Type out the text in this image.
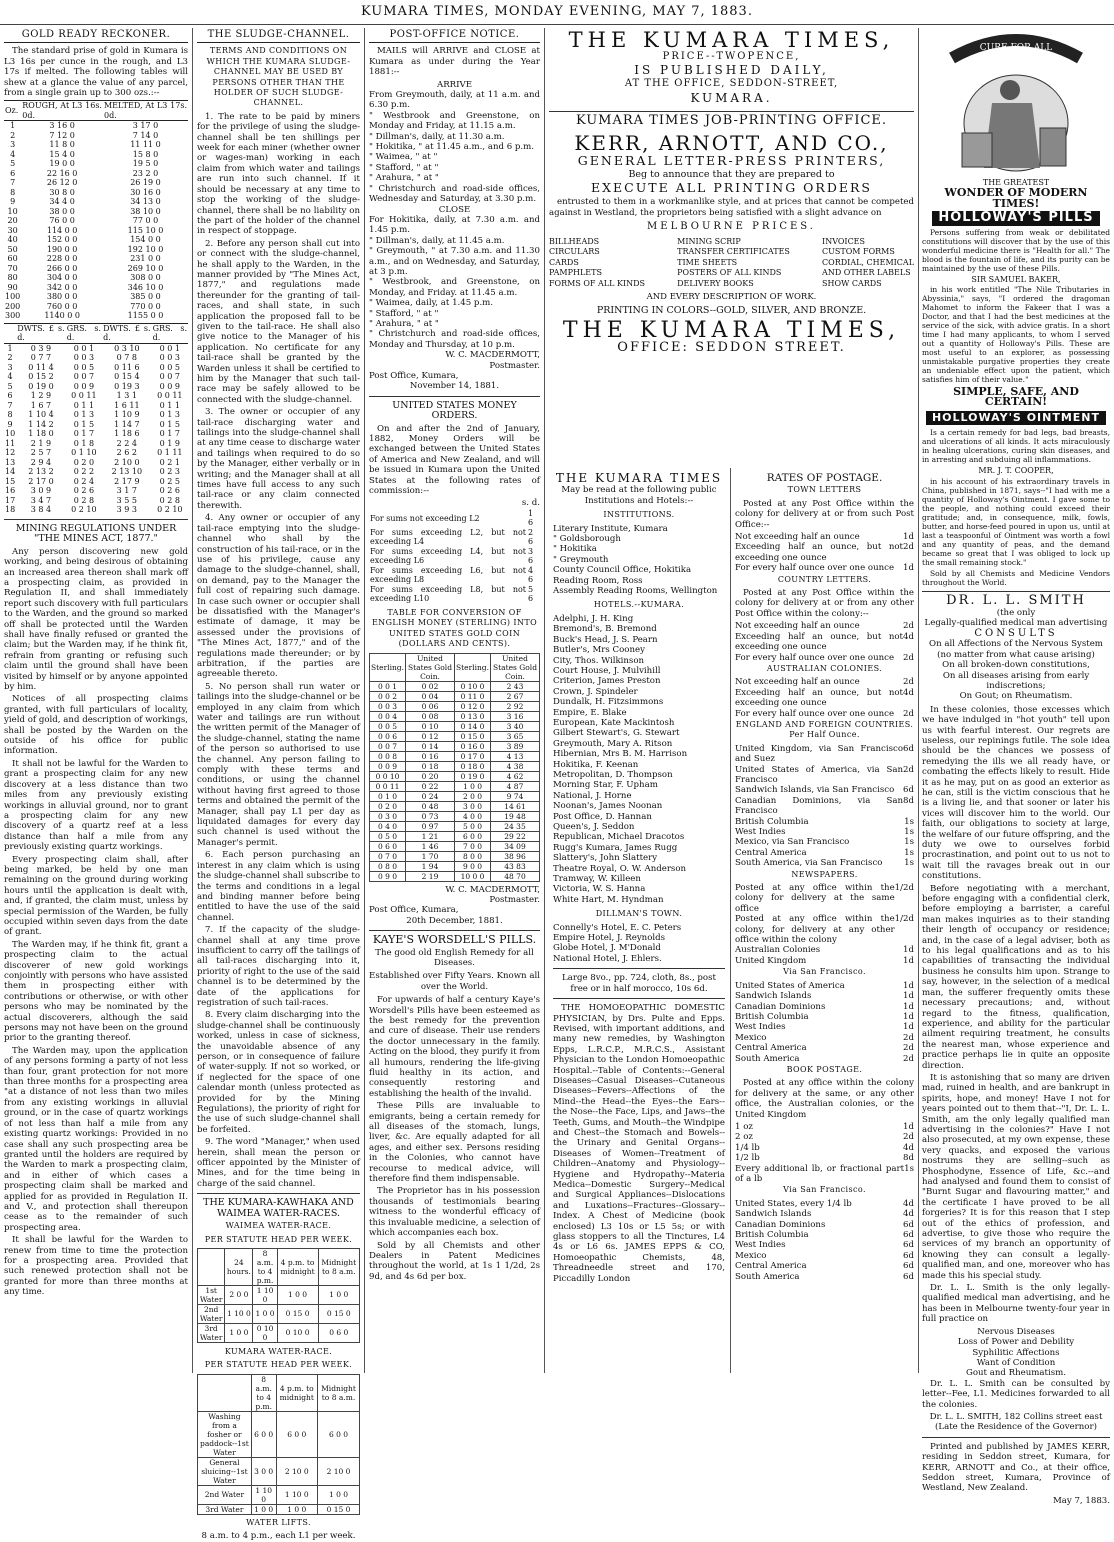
KUMARA TIMES, MONDAY EVENING, MAY 7, 1883.
GOLD READY RECKONER.

The standard prise of gold in Kumara is L3 16s per cunce in the rough, and L3 17s if melted. The following tables will shew at a glance the value of any parcel, from a single grain up to 300 ozs.:--

Oz.	ROUGH, At L3 16s. 0d.	MELTED, At L3 17s. 0d.
1	3 16 0	3 17 0
2	7 12 0	7 14 0
3	11 8 0	11 11 0
4	15 4 0	15 8 0
5	19 0 0	19 5 0
6	22 16 0	23 2 0
7	26 12 0	26 19 0
8	30 8 0	30 16 0
9	34 4 0	34 13 0
10	38 0 0	38 10 0
20	76 0 0	77 0 0
30	114 0 0	115 10 0
40	152 0 0	154 0 0
50	190 0 0	192 10 0
60	228 0 0	231 0 0
70	266 0 0	269 10 0
80	304 0 0	308 0 0
90	342 0 0	346 10 0
100	380 0 0	385 0 0
200	760 0 0	770 0 0
300	1140 0 0	1155 0 0
	DWTS. £ s. d.	GRS. s. d.	DWTS. £ s. d.	GRS. s. d.
1	0 3 9	0 0 1	0 3 10	0 0 1
2	0 7 7	0 0 3	0 7 8	0 0 3
3	0 11 4	0 0 5	0 11 6	0 0 5
4	0 15 2	0 0 7	0 15 4	0 0 7
5	0 19 0	0 0 9	0 19 3	0 0 9
6	1 2 9	0 0 11	1 3 1	0 0 11
7	1 6 7	0 1 1	1 6 11	0 1 1
8	1 10 4	0 1 3	1 10 9	0 1 3
9	1 14 2	0 1 5	1 14 7	0 1 5
10	1 18 0	0 1 7	1 18 6	0 1 7
11	2 1 9	0 1 8	2 2 4	0 1 9
12	2 5 7	0 1 10	2 6 2	0 1 11
13	2 9 4	0 2 0	2 10 0	0 2 1
14	2 13 2	0 2 2	2 13 10	0 2 3
15	2 17 0	0 2 4	2 17 9	0 2 5
16	3 0 9	0 2 6	3 1 7	0 2 6
17	3 4 7	0 2 8	3 5 5	0 2 8
18	3 8 4	0 2 10	3 9 3	0 2 10
MINING REGULATIONS UNDER "THE MINES ACT, 1877."

Any person discovering new gold working, and being desirous of obtaining an increased area thereon shall mark off a prospecting claim, as provided in Regulation II, and shall immediately report such discovery with full particulars to the Warden, and the ground so marked off shall be protected until the Warden shall have finally refused or granted the claim; but the Warden may, if he think fit, refrain from granting or refusing such claim until the ground shall have been visited by himself or by anyone appointed by him.

Notices of all prospecting claims granted, with full particulars of locality, yield of gold, and description of workings, shall be posted by the Warden on the outside of his office for public information.

It shall not be lawful for the Warden to grant a prospecting claim for any new discovery at a less distance than two miles from any previously existing workings in alluvial ground, nor to grant a prospecting claim for any new discovery of a quartz reef at a less distance than half a mile from any previously existing quartz workings.

Every prospecting claim shall, after being marked, be held by one man remaining on the ground during working hours until the application is dealt with, and, if granted, the claim must, unless by special permission of the Warden, be fully occupied within seven days from the date of grant.

The Warden may, if he think fit, grant a prospecting claim to the actual discoverer of new gold workings conjointly with persons who have assisted them in prospecting either with contributions or otherwise, or with other persons who may be nominated by the actual discoverers, although the said persons may not have been on the ground prior to the granting thereof.

The Warden may, upon the application of any persons forming a party of not less than four, grant protection for not more than three months for a prospecting area "at a distance of not less than two miles from any existing workings in alluvial ground, or in the case of quartz workings of not less than half a mile from any existing quartz workings: Provided in no case shall any such prospecting area be granted until the holders are required by the Warden to mark a prospecting claim, and in either of which cases a prospecting claim shall be marked and applied for as provided in Regulation II. and V., and protection shall thereupon cease as to the remainder of such prospecting area.

It shall be lawful for the Warden to renew from time to time the protection for a prospecting area. Provided that such renewed protection shall not be granted for more than three months at any time.

THE SLUDGE-CHANNEL.
TERMS AND CONDITIONS ON WHICH THE KUMARA SLUDGE-CHANNEL MAY BE USED BY PERSONS OTHER THAN THE HOLDER OF SUCH SLUDGE-CHANNEL.

1. The rate to be paid by miners for the privilege of using the sludge-channel shall be ten shillings per week for each miner (whether owner or wages-man) working in each claim from which water and tailings are run into such channel. If it should be necessary at any time to stop the working of the sludge-channel, there shall be no liability on the part of the holder of the channel in respect of stoppage.

2. Before any person shall cut into or connect with the sludge-channel, he shall apply to the Warden, in the manner provided by "The Mines Act, 1877," and regulations made thereunder for the granting of tail-races, and shall state, in such application the proposed fall to be given to the tail-race. He shall also give notice to the Manager of his application. No certificate for any tail-race shall be granted by the Warden unless it shall be certified to him by the Manager that such tail-race may be safely allowed to be connected with the sludge-channel.

3. The owner or occupier of any tail-race discharging water and tailings into the sludge-channel shall at any time cease to discharge water and tailings when required to do so by the Manager, either verbally or in writing; and the Manager shall at all times have full access to any such tail-race or any claim connected therewith.

4. Any owner or occupier of any tail-race emptying into the sludge-channel who shall by the construction of his tail-race, or in the use of his privilege, cause any damage to the sludge-channel, shall, on demand, pay to the Manager the full cost of repairing such damage. In case such owner or occupier shall be dissatisfied with the Manager's estimate of damage, it may be assessed under the provisions of "The Mines Act, 1877," and of the regulations made thereunder; or by arbitration, if the parties are agreeable thereto.

5. No person shall run water or tailings into the sludge-channel or be employed in any claim from which water and tailings are run without the written permit of the Manager of the sludge-channel, stating the name of the person so authorised to use the channel. Any person failing to comply with these terms and conditions, or using the channel without having first agreed to those terms and obtained the permit of the Manager, shall pay L1 per day as liquidated damages for every day such channel is used without the Manager's permit.

6. Each person purchasing an interest in any claim which is using the sludge-channel shall subscribe to the terms and conditions in a legal and binding manner before being entitled to have the use of the said channel.

7. If the capacity of the sludge-channel shall at any time prove insufficient to carry off the tailings of all tail-races discharging into it, priority of right to the use of the said channel is to be determined by the date of the applications for registration of such tail-races.

8. Every claim discharging into the sludge-channel shall be continuously worked, unless in case of sickness, the unavoidable absence of any person, or in consequence of failure of water-supply. If not so worked, or if neglected for the space of one calendar month (unless protected as provided for by the Mining Regulations), the priority of right for the use of such sludge-channel shall be forfeited.

9. The word "Manager," when used herein, shall mean the person or officer appointed by the Minister of Mines, and for the time being in charge of the said channel.

THE KUMARA-KAWHAKA AND WAIMEA WATER-RACES.
WAIMEA WATER-RACE.
PER STATUTE HEAD PER WEEK.
	24 hours.	8 a.m. to 4 p.m.	4 p.m. to midnight	Midnight to 8 a.m.
1st Water	2 0 0	1 10 0	1 0 0	1 0 0
2nd Water	1 10 0	1 0 0	0 15 0	0 15 0
3rd Water	1 0 0	0 10 0	0 10 0	0 6 0
KUMARA WATER-RACE.
PER STATUTE HEAD PER WEEK.
	8 a.m. to 4 p.m.	4 p.m. to midnight	Midnight to 8 a.m.
Washing from a fosher or paddock--1st Water	6 0 0	6 0 0	6 0 0
General sluicing--1st Water	3 0 0	2 10 0	2 10 0
2nd Water	1 10 0	1 10 0	1 0 0
3rd Water	1 0 0	1 0 0	0 15 0
WATER LIFTS.
8 a.m. to 4 p.m., each L1 per week.
POST-OFFICE NOTICE.

MAILS will ARRIVE and CLOSE at Kumara as under during the Year 1881:--

ARRIVE
From Greymouth, daily, at 11 a.m. and 6.30 p.m.
" Westbrook and Greenstone, on Monday and Friday, at 11.15 a.m.
" Dillman's, daily, at 11.30 a.m.
" Hokitika, " at 11.45 a.m., and 6 p.m.
" Waimea, " at "
" Stafford, " at "
" Arahura, " at "
" Christchurch and road-side offices, Wednesday and Saturday, at 3.30 p.m.
CLOSE
For Hokitika, daily, at 7.30 a.m. and 1.45 p.m.
" Dillman's, daily, at 11.45 a.m.
" Greymouth, " at 7.30 a.m. and 11.30 a.m., and on Wednesday, and Saturday, at 3 p.m.
" Westbrook, and Greenstone, on Monday, and Friday. at 11.45 a.m.
" Waimea, daily, at 1.45 p.m.
" Stafford, " at "
" Arahura, " at "
" Christchurch and road-side offices, Monday and Thursday, at 10 p.m.
W. C. MACDERMOTT,
Postmaster.
Post Office, Kumara,
November 14, 1881.
UNITED STATES MONEY ORDERS.

On and after the 2nd of January, 1882, Money Orders will be exchanged between the United States of America and New Zealand, and will be issued in Kumara upon the United States at the following rates of commission:--

s. d.
For sums not exceeding L2	1 6
For sums exceeding L2, but not exceeding L4	2 6
For sums exceeding L4, but not exceeding L6	3 6
For sums exceeding L6, but not exceeding L8	4 6
For sums exceeding L8, but not exceeding L10	5 6
TABLE FOR CONVERSION OF ENGLISH MONEY (STERLING) INTO UNITED STATES GOLD COIN (DOLLARS AND CENTS).
Sterling.	United States Gold Coin.	Sterling.	United States Gold Coin.
0 0 1	0 02	0 10 0	2 43
0 0 2	0 04	0 11 0	2 67
0 0 3	0 06	0 12 0	2 92
0 0 4	0 08	0 13 0	3 16
0 0 5	0 10	0 14 0	3 40
0 0 6	0 12	0 15 0	3 65
0 0 7	0 14	0 16 0	3 89
0 0 8	0 16	0 17 0	4 13
0 0 9	0 18	0 18 0	4 38
0 0 10	0 20	0 19 0	4 62
0 0 11	0 22	1 0 0	4 87
0 1 0	0 24	2 0 0	9 74
0 2 0	0 48	3 0 0	14 61
0 3 0	0 73	4 0 0	19 48
0 4 0	0 97	5 0 0	24 35
0 5 0	1 21	6 0 0	29 22
0 6 0	1 46	7 0 0	34 09
0 7 0	1 70	8 0 0	38 96
0 8 0	1 94	9 0 0	43 83
0 9 0	2 19	10 0 0	48 70
W. C. MACDERMOTT,
Postmaster.
Post Office, Kumara,
20th December, 1881.
KAYE'S WORSDELL'S PILLS.
The good old English Remedy for all Diseases.
Established over Fifty Years. Known all over the World.

For upwards of half a century Kaye's Worsdell's Pills have been esteemed as the best remedy for the prevention and cure of disease. Their use renders the doctor unnecessary in the family. Acting on the blood, they purify it from all humours, rendering the life-giving fluid healthy in its action, and consequently restoring and establishing the health of the invalid.

These Pills are invaluable to emigrants, being a certain remedy for all diseases of the stomach, lungs, liver, &c. Are equally adapted for all ages, and either sex. Persons residing in the Colonies, who cannot have recourse to medical advice, will therefore find them indispensable.

The Proprietor has in his possession thousands of testimonials bearing witness to the wonderful efficacy of this invaluable medicine, a selection of which accompanies each box.

Sold by all Chemists and other Dealers in Patent Medicines throughout the world, at 1s 1 1/2d, 2s 9d, and 4s 6d per box.

THE KUMARA TIMES,
PRICE--TWOPENCE,
IS PUBLISHED DAILY,
AT THE OFFICE, SEDDON-STREET,
KUMARA.
KUMARA TIMES JOB-PRINTING OFFICE.
KERR, ARNOTT, AND CO.,
GENERAL LETTER-PRESS PRINTERS,
Beg to announce that they are prepared to
EXECUTE ALL PRINTING ORDERS

entrusted to them in a workmanlike style, and at prices that cannot be competed against in Westland, the proprietors being satisfied with a slight advance on

MELBOURNE PRICES.
BILLHEADS
CIRCULARS
CARDS
PAMPHLETS
FORMS OF ALL KINDS
MINING SCRIP
TRANSFER CERTIFICATES
TIME SHEETS
POSTERS OF ALL KINDS
DELIVERY BOOKS
INVOICES
CUSTOM FORMS
CORDIAL, CHEMICAL
AND OTHER LABELS
SHOW CARDS
AND EVERY DESCRIPTION OF WORK.
PRINTING IN COLORS--GOLD, SILVER, AND BRONZE.
THE KUMARA TIMES,
OFFICE: SEDDON STREET.
THE KUMARA TIMES
May be read at the following public Institutions and Hotels:--
INSTITUTIONS.
Literary Institute, Kumara
" Goldsborough
" Hokitika
" Greymouth
County Council Office, Hokitika
Reading Room, Ross
Assembly Reading Rooms, Wellington
HOTELS.--KUMARA.
Adelphi, J. H. King
Bremond's, B. Bremond
Buck's Head, J. S. Pearn
Butler's, Mrs Cooney
City, Thos. Wilkinson
Court House, J. Mulvihill
Criterion, James Preston
Crown, J. Spindeler
Dundalk, H. Fitzsimmons
Empire, E. Blake
European, Kate Mackintosh
Gilbert Stewart's, G. Stewart
Greymouth, Mary A. Ritson
Hibernian, Mrs B. M. Harrison
Hokitika, F. Keenan
Metropolitan, D. Thompson
Morning Star, F. Upham
National, J. Horne
Noonan's, James Noonan
Post Office, D. Hannan
Queen's, J. Seddon
Republican, Michael Dracotos
Rugg's Kumara, James Rugg
Slattery's, John Slattery
Theatre Royal, O. W. Anderson
Tramway, W. Killeen
Victoria, W. S. Hanna
White Hart, M. Hyndman
DILLMAN'S TOWN.
Connelly's Hotel, E. C. Peters
Empire Hotel, J. Reynolds
Globe Hotel, J. M'Donald
National Hotel, J. Ehlers.
Large 8vo., pp. 724, cloth, 8s., post free or in half morocco, 10s 6d.

THE HOMOEOPATHIC DOMESTIC PHYSICIAN, by Drs. Pulte and Epps. Revised, with important additions, and many new remedies, by Washington Epps, L.R.C.P., M.R.C.S., Assistant Physician to the London Homoeopathic Hospital.--Table of Contents:--General Diseases--Casual Diseases--Cutaneous Diseases--Fevers--Affections of the Mind--the Head--the Eyes--the Ears--the Nose--the Face, Lips, and Jaws--the Teeth, Gums, and Mouth--the Windpipe and Chest--the Stomach and Bowels--the Urinary and Genital Organs--Diseases of Women--Treatment of Children--Anatomy and Physiology--Hygiene and Hydropathy--Materia Medica--Domestic Surgery--Medical and Surgical Appliances--Dislocations and Luxations--Fractures--Glossary--Index. A Chest of Medicine (book enclosed) L3 10s or L5 5s; or with glass stoppers to all the Tinctures, L4 4s or L6 6s. JAMES EPPS & CO, Homoeopathic Chemists, 48, Threadneedle street and 170, Piccadilly London

RATES OF POSTAGE.
TOWN LETTERS

Posted at any Post Office within the colony for delivery at or from such Post Office:--

Not exceeding half an ounce	1d
Exceeding half an ounce, but not exceeding one ounce
2d
For every half ounce over one ounce 1d
COUNTRY LETTERS.

Posted at any Post Office within the colony for delivery at or from any other Post Office within the colony:--

Not exceeding half an ounce	2d
Exceeding half an ounce, but not exceeding one ounce
4d
For every half ounce over one ounce 2d
AUSTRALIAN COLONIES.
Not exceeding half an ounce	2d
Exceeding half an ounce, but not exceeding one ounce
4d
For every half ounce over one ounce 2d
ENGLAND AND FOREIGN COUNTRIES. Per Half Ounce.
United Kingdom, via San Francisco and Suez
6d
United States of America, via San Francisco
2d
Sandwich Islands, via San Francisco 6d
Canadian Dominions, via San Francisco
8d
British Columbia	1s
West Indies	1s
Mexico, via San Francisco	1s
Central America	1s
South America, via San Francisco	1s
NEWSPAPERS.
Posted at any office within the colony for delivery at the same office
1/2d
Posted at any office within the colony, for delivery at any other office within the colony
1/2d
Australian Colonies	1d
United Kingdom	1d
Via San Francisco.
United States of America	1d
Sandwich Islands	1d
Canadian Dominions	1d
British Columbia	1d
West Indies	1d
Mexico	2d
Central America	2d
South America	2d
BOOK POSTAGE.

Posted at any office within the colony for delivery at the same, or any other office, the Australian colonies, or the United Kingdom

1 oz	1d
2 oz	2d
1/4 lb	4d
1/2 lb	8d
Every additional lb, or fractional part of a lb
1s
Via San Francisco.
United States, every 1/4 lb	4d
Sandwich Islands	4d
Canadian Dominions	6d
British Columbia	6d
West Indies	6d
Mexico	6d
Central America	6d
South America	6d
CURE FOR ALL
THE GREATEST
WONDER OF MODERN TIMES!
HOLLOWAY'S PILLS

Persons suffering from weak or debilitated constitutions will discover that by the use of this wonderful medicine there is "Health for all." The blood is the fountain of life, and its purity can be maintained by the use of these Pills.

SIR SAMUEL BAKER,

in his work entitled "The Nile Tributaries in Abyssinia," says, "I ordered the dragoman Mahomet to inform the Fakeer that I was a Doctor, and that I had the best medicines at the service of the sick, with advice gratis. In a short time I had many applicants, to whom I served out a quantity of Holloway's Pills. These are most useful to an explorer, as possessing unmistakable purgative properties they create an undeniable effect upon the patient, which satisfies him of their value."

SIMPLE, SAFE, AND CERTAIN!
HOLLOWAY'S OINTMENT

Is a certain remedy for bad legs, bad breasts, and ulcerations of all kinds. It acts miraculously in healing ulcerations, curing skin diseases, and in arresting and subduing all inflammations.

MR. J. T. COOPER,

in his account of his extraordinary travels in China, published in 1871, says--"I had with me a quantity of Holloway's Ointment. I gave some to the people, and nothing could exceed their gratitude; and, in consequence, milk, fowls, butter, and horse-feed poured in upon us, until at last a teaspoonful of Ointment was worth a fowl and any quantity of peas, and the demand became so great that I was obliged to lock up the small remaining stock."

Sold by all Chemists and Medicine Vendors throughout the World.

DR. L. L. SMITH
(the only
Legally-qualified medical man advertising
CONSULTS
On all Affections of the Nervous System (no matter from what cause arising)
On all broken-down constitutions,
On all diseases arising from early indiscretions;
On Gout; on Rheumatism.

In these colonies, those excesses which we have indulged in "hot youth" tell upon us with fearful interest. Our regrets are useless, our repinings futile. The sole idea should be the chances we possess of remedying the ills we all ready have, or combating the effects likely to result. Hide it as he may, put on as good an exterior as he can, still is the victim conscious that he is a living lie, and that sooner or later his vices will discover him to the world. Our faith, our obligations to society at large, the welfare of our future offspring, and the duty we owe to ourselves forbid procrastination, and point out to us not to wait till the ravages break out in our constitutions.

Before negotiating with a merchant, before engaging with a confidential clerk, before employing a barrister, a careful man makes inquiries as to their standing their length of occupancy or residence; and, in the case of a legal adviser, both as to his legal qualifications and as to his capabilities of transacting the individual business he consults him upon. Strange to say, however, in the selection of a medical man, the sufferer frequently omits these necessary precautions; and, without regard to the fitness, qualification, experience, and ability for the particular ailment requiring treatment, he consults the nearest man, whose experience and practice perhaps lie in quite an opposite direction.

It is astonishing that so many are driven mad, ruined in health, and are bankrupt in spirits, hope, and money! Have I not for years pointed out to them that--"I, Dr. L. L. Smith, am the only legally qualified man advertising in the colonies?" Have I not also prosecuted, at my own expense, these very quacks, and exposed the various nostrums they are selling--such as Phosphodyne, Essence of Life, &c.--and had analysed and found them to consist of "Burnt Sugar and flavouring matter," and the certificate I have proved to be all forgeries? It is for this reason that I step out of the ethics of profession, and advertise, to give those who require the services of my branch an opportunity of knowing they can consult a legally-qualified man, and one, moreover who has made this his special study.

Dr. L. L. Smith is the only legally-qualified medical man advertising, and he has been in Melbourne twenty-four year in full practice on

Nervous Diseases
Loss of Power and Debility
Syphilitic Affections
Want of Condition
Gout and Rheumatism.

Dr. L. L. Smith can be consulted by letter--Fee, L1. Medicines forwarded to all the colonies.

Dr. L. L. SMITH, 182 Collins street east
(Late the Residence of the Governor)

Printed and published by JAMES KERR, residing in Seddon street, Kumara, for KERR, ARNOTT and Co., at their office, Seddon street, Kumara, Province of Westland, New Zealand.

May 7, 1883.
